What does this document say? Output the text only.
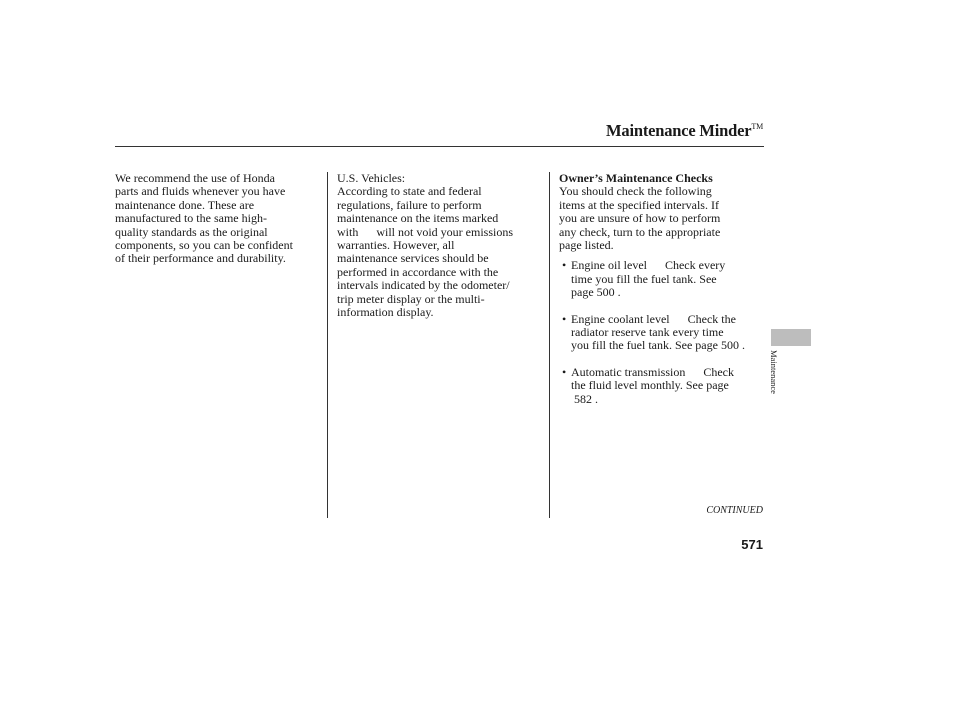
Maintenance Minder™

We recommend the use of Honda
parts and fluids whenever you have
maintenance done. These are
manufactured to the same high-
quality standards as the original
components, so you can be confident
of their performance and durability.

U.S. Vehicles:
According to state and federal
regulations, failure to perform
maintenance on the items marked
with      will not void your emissions
warranties. However, all
maintenance services should be
performed in accordance with the
intervals indicated by the odometer/
trip meter display or the multi-
information display.

Owner’s Maintenance Checks

You should check the following
items at the specified intervals. If
you are unsure of how to perform
any check, turn to the appropriate
page listed.

• Engine oil level      Check every
time you fill the fuel tank. See
page 500 .
• Engine coolant level      Check the
radiator reserve tank every time
you fill the fuel tank. See page 500 .
• Automatic transmission      Check
the fluid level monthly. See page
582 .
Maintenance
CONTINUED
571
